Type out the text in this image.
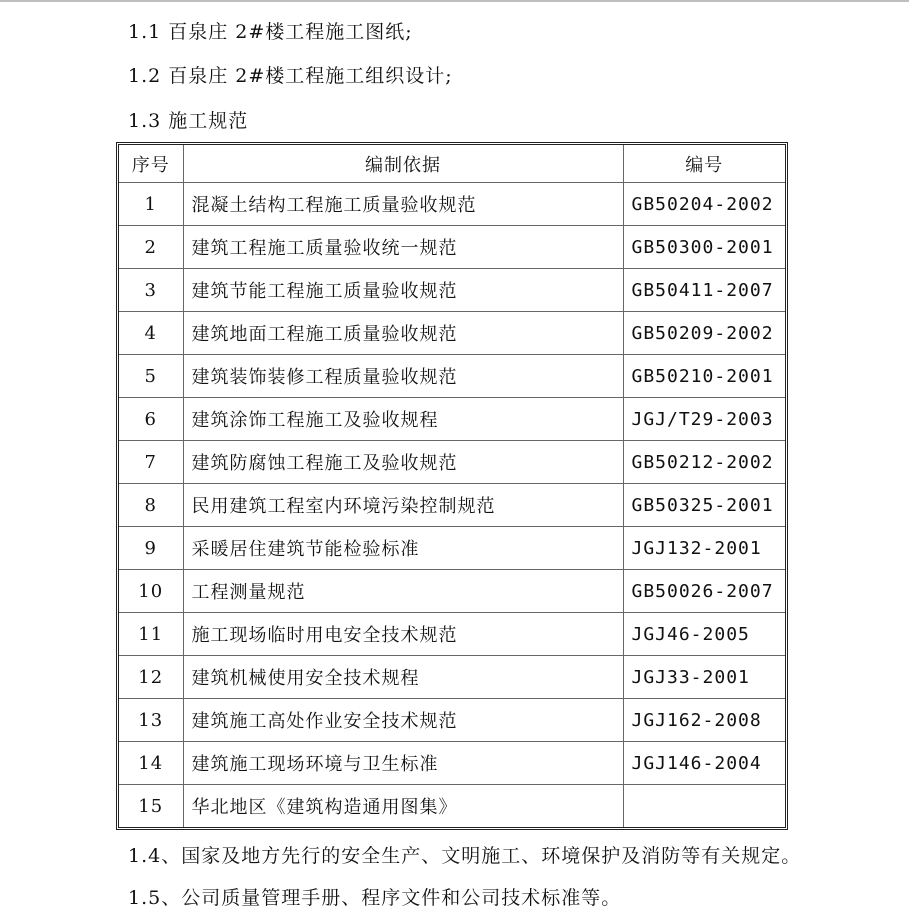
1.1 百泉庄 2#楼工程施工图纸;
1.2 百泉庄 2#楼工程施工组织设计;
1.3 施工规范
序号	编制依据	编号
1	混凝土结构工程施工质量验收规范	GB50204-2002
2	建筑工程施工质量验收统一规范	GB50300-2001
3	建筑节能工程施工质量验收规范	GB50411-2007
4	建筑地面工程施工质量验收规范	GB50209-2002
5	建筑装饰装修工程质量验收规范	GB50210-2001
6	建筑涂饰工程施工及验收规程	JGJ/T29-2003
7	建筑防腐蚀工程施工及验收规范	GB50212-2002
8	民用建筑工程室内环境污染控制规范	GB50325-2001
9	采暖居住建筑节能检验标准	JGJ132-2001
10	工程测量规范	GB50026-2007
11	施工现场临时用电安全技术规范	JGJ46-2005
12	建筑机械使用安全技术规程	JGJ33-2001
13	建筑施工高处作业安全技术规范	JGJ162-2008
14	建筑施工现场环境与卫生标准	JGJ146-2004
15	华北地区《建筑构造通用图集》	
1.4、国家及地方先行的安全生产、文明施工、环境保护及消防等有关规定。
1.5、公司质量管理手册、程序文件和公司技术标准等。
